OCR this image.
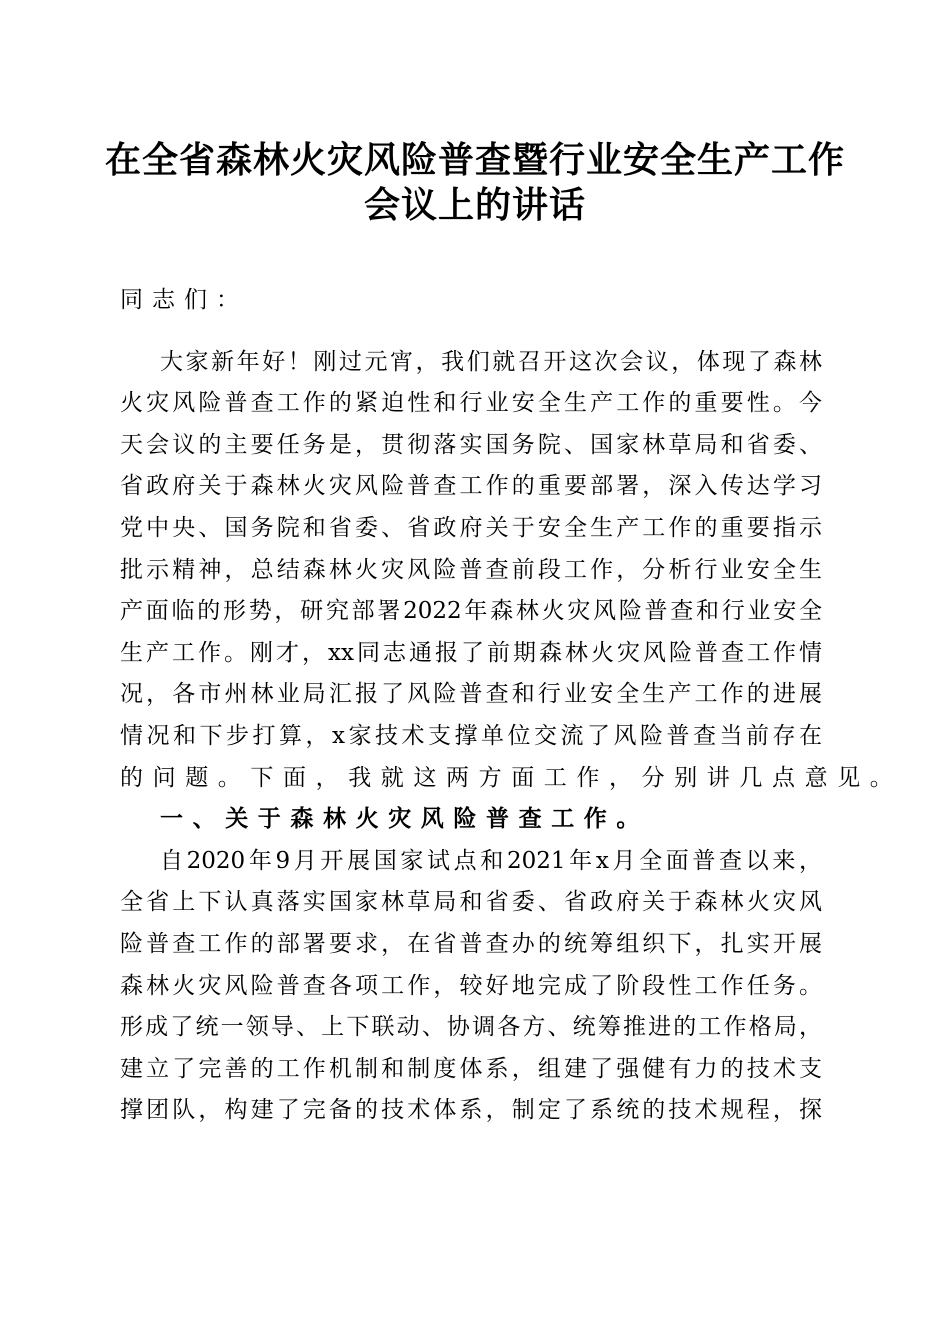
在全省森林火灾风险普查暨行业安全生产工作
会议上的讲话
同志们：
大家新年好！刚过元宵，我们就召开这次会议，体现了森林
火灾风险普查工作的紧迫性和行业安全生产工作的重要性。今
天会议的主要任务是，贯彻落实国务院、国家林草局和省委、
省政府关于森林火灾风险普查工作的重要部署，深入传达学习
党中央、国务院和省委、省政府关于安全生产工作的重要指示
批示精神，总结森林火灾风险普查前段工作，分析行业安全生
产面临的形势，研究部署2022年森林火灾风险普查和行业安全
生产工作。刚才，xx同志通报了前期森林火灾风险普查工作情
况，各市州林业局汇报了风险普查和行业安全生产工作的进展
情况和下步打算，x家技术支撑单位交流了风险普查当前存在
的问题。下面，我就这两方面工作，分别讲几点意见。
一、关于森林火灾风险普查工作。
自2020年9月开展国家试点和2021年x月全面普查以来，
全省上下认真落实国家林草局和省委、省政府关于森林火灾风
险普查工作的部署要求，在省普查办的统筹组织下，扎实开展
森林火灾风险普查各项工作，较好地完成了阶段性工作任务。
形成了统一领导、上下联动、协调各方、统筹推进的工作格局，
建立了完善的工作机制和制度体系，组建了强健有力的技术支
撑团队，构建了完备的技术体系，制定了系统的技术规程，探
